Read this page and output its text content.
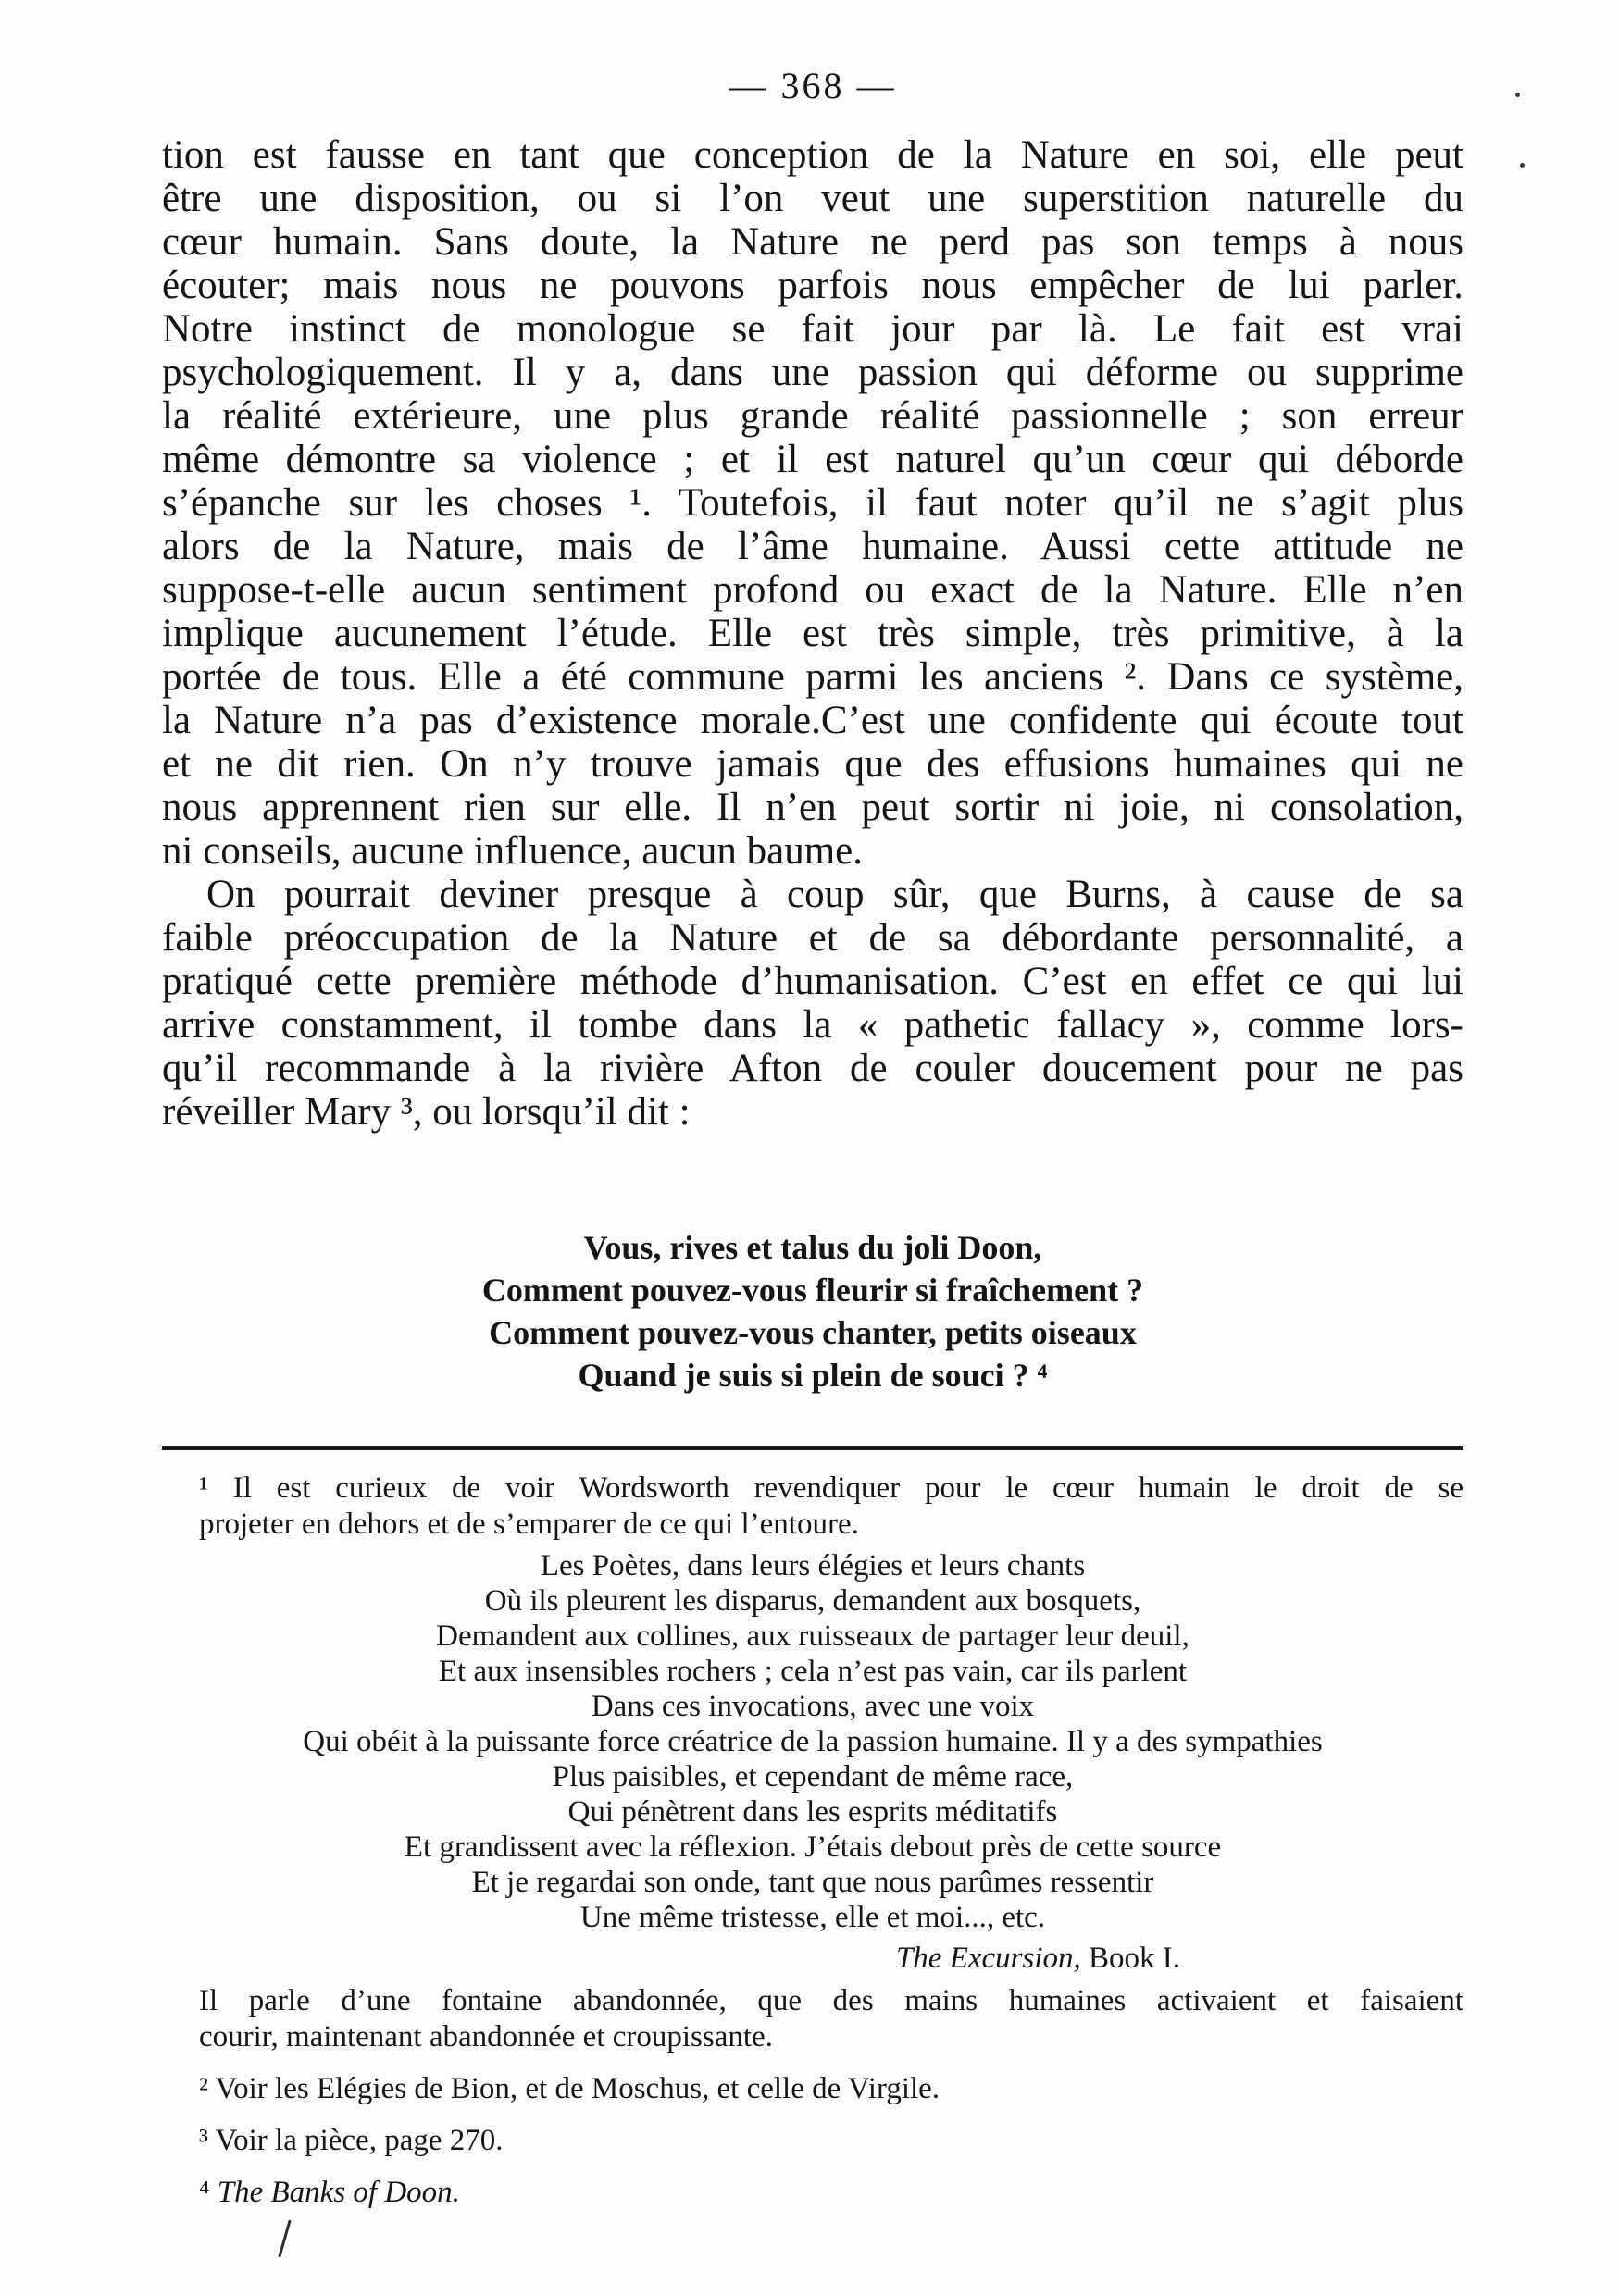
— 368 —
tion est fausse en tant que conception de la Nature en soi, elle peut
être une disposition, ou si l’on veut une superstition naturelle du
cœur humain. Sans doute, la Nature ne perd pas son temps à nous
écouter; mais nous ne pouvons parfois nous empêcher de lui parler.
Notre instinct de monologue se fait jour par là. Le fait est vrai
psychologiquement. Il y a, dans une passion qui déforme ou supprime
la réalité extérieure, une plus grande réalité passionnelle ; son erreur
même démontre sa violence ; et il est naturel qu’un cœur qui déborde
s’épanche sur les choses ¹. Toutefois, il faut noter qu’il ne s’agit plus
alors de la Nature, mais de l’âme humaine. Aussi cette attitude ne
suppose-t-elle aucun sentiment profond ou exact de la Nature. Elle n’en
implique aucunement l’étude. Elle est très simple, très primitive, à la
portée de tous. Elle a été commune parmi les anciens ². Dans ce système,
la Nature n’a pas d’existence morale.C’est une confidente qui écoute tout
et ne dit rien. On n’y trouve jamais que des effusions humaines qui ne
nous apprennent rien sur elle. Il n’en peut sortir ni joie, ni consolation,
ni conseils, aucune influence, aucun baume.
On pourrait deviner presque à coup sûr, que Burns, à cause de sa
faible préoccupation de la Nature et de sa débordante personnalité, a
pratiqué cette première méthode d’humanisation. C’est en effet ce qui lui
arrive constamment, il tombe dans la « pathetic fallacy », comme lors-
qu’il recommande à la rivière Afton de couler doucement pour ne pas
réveiller Mary ³, ou lorsqu’il dit :
Vous, rives et talus du joli Doon,
Comment pouvez-vous fleurir si fraîchement ?
Comment pouvez-vous chanter, petits oiseaux
Quand je suis si plein de souci ? ⁴
¹ Il est curieux de voir Wordsworth revendiquer pour le cœur humain le droit de se
projeter en dehors et de s’emparer de ce qui l’entoure.
Les Poètes, dans leurs élégies et leurs chants
Où ils pleurent les disparus, demandent aux bosquets,
Demandent aux collines, aux ruisseaux de partager leur deuil,
Et aux insensibles rochers ; cela n’est pas vain, car ils parlent
Dans ces invocations, avec une voix
Qui obéit à la puissante force créatrice de la passion humaine. Il y a des sympathies
Plus paisibles, et cependant de même race,
Qui pénètrent dans les esprits méditatifs
Et grandissent avec la réflexion. J’étais debout près de cette source
Et je regardai son onde, tant que nous parûmes ressentir
Une même tristesse, elle et moi..., etc.
The Excursion, Book I.
Il parle d’une fontaine abandonnée, que des mains humaines activaient et faisaient
courir, maintenant abandonnée et croupissante.
² Voir les Elégies de Bion, et de Moschus, et celle de Virgile.
³ Voir la pièce, page 270.
⁴ The Banks of Doon.
